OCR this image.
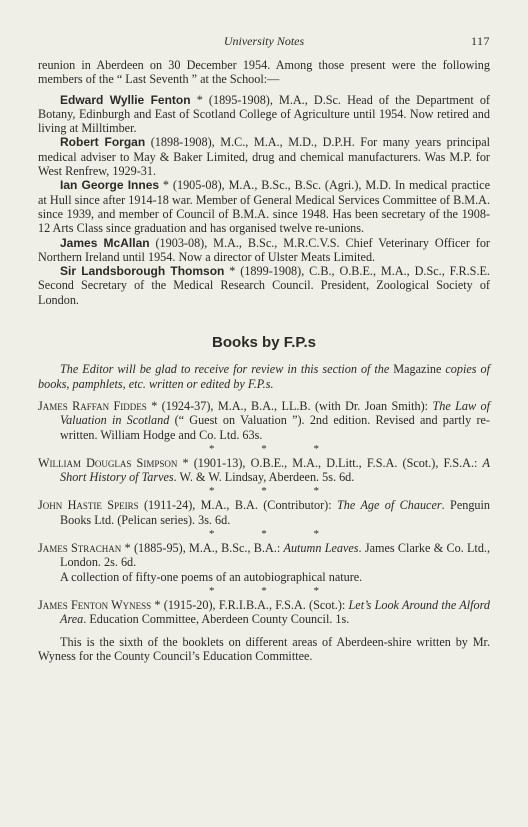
University Notes	117

reunion in Aberdeen on 30 December 1954. Among those present were the following members of the “ Last Seventh ” at the School:—

Edward Wyllie Fenton * (1895-1908), M.A., D.Sc. Head of the Department of Botany, Edinburgh and East of Scotland College of Agriculture until 1954. Now retired and living at Milltimber.

Robert Forgan (1898-1908), M.C., M.A., M.D., D.P.H. For many years principal medical adviser to May & Baker Limited, drug and chemical manufacturers. Was M.P. for West Renfrew, 1929-31.

Ian George Innes * (1905-08), M.A., B.Sc., B.Sc. (Agri.), M.D. In medical practice at Hull since after 1914-18 war. Member of General Medical Services Committee of B.M.A. since 1939, and member of Council of B.M.A. since 1948. Has been secretary of the 1908-12 Arts Class since graduation and has organised twelve re-unions.

James McAllan (1903-08), M.A., B.Sc., M.R.C.V.S. Chief Veterinary Officer for Northern Ireland until 1954. Now a director of Ulster Meats Limited.

Sir Landsborough Thomson * (1899-1908), C.B., O.B.E., M.A., D.Sc., F.R.S.E. Second Secretary of the Medical Research Council. President, Zoological Society of London.

Books by F.P.s

The Editor will be glad to receive for review in this section of the Magazine copies of books, pamphlets, etc. written or edited by F.P.s.

James Raffan Fiddes * (1924-37), M.A., B.A., LL.B. (with Dr. Joan Smith): The Law of Valuation in Scotland (“ Guest on Valuation ”). 2nd edition. Revised and partly re-written. William Hodge and Co. Ltd. 63s.

* * *

William Douglas Simpson * (1901-13), O.B.E., M.A., D.Litt., F.S.A. (Scot.), F.S.A.: A Short History of Tarves. W. & W. Lindsay, Aberdeen. 5s. 6d.

* * *

John Hastie Speirs (1911-24), M.A., B.A. (Contributor): The Age of Chaucer. Penguin Books Ltd. (Pelican series). 3s. 6d.

* * *

James Strachan * (1885-95), M.A., B.Sc., B.A.: Autumn Leaves. James Clarke & Co. Ltd., London. 2s. 6d.

A collection of fifty-one poems of an autobiographical nature.

* * *

James Fenton Wyness * (1915-20), F.R.I.B.A., F.S.A. (Scot.): Let’s Look Around the Alford Area. Education Committee, Aberdeen County Council. 1s.

This is the sixth of the booklets on different areas of Aberdeen-shire written by Mr. Wyness for the County Council’s Education Committee.
